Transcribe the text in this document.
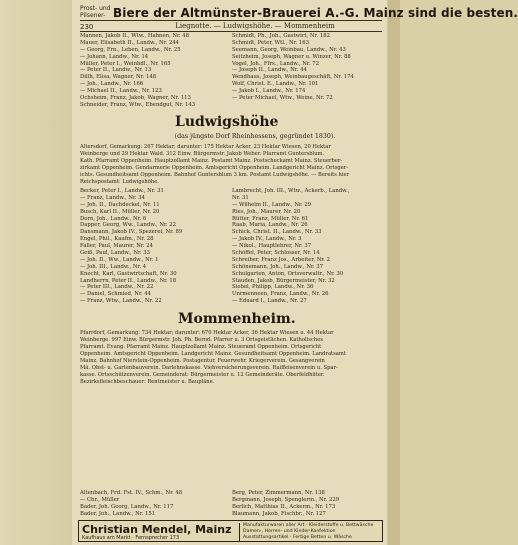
Prost- und
Pilsener- Biere der Altmünster-Brauerei A.-G. Mainz sind die besten.
230	Liegnotte. — Ludwigshöhe. — Mommenheim
Mannen, Jakob II., Wtw., Hahnen, Nr. 48
Mauer, Elisabeth II., Landw., Nr. 244
— Georg, Frn., Leben, Landw., Nr. 25
— Johann, Landw., Nr. 14
Müller, Peter I., Weinhdl., Nr. 165
— Peter II., Landw., Nr. 13
Dillh, Elisa, Wagner, Nr. 148
— Joh., Landw., Nr. 166
— Michael II., Landw., Nr. 123
Ochsheim, Franz, Jakob, Wagner, Nr. 113
Schneider, Franz, Wtw., Ebendgut, Nr. 143
Schmidt, Ph., Joh., Gastwirt, Nr. 182
Schmidt, Peter, Wtl., Nr. 163
Seemann, Georg, Weinbau, Landw., Nr. 43
Seitzheim, Joseph, Wagner u. Winzer, Nr. 88
Vogel, Joh., Ffrs., Landw., Nr. 72
— Joseph II., Landw., Nr. 44
Wendhaus, Joseph, Weinbaugeschäft, Nr. 174
Wolf, Christ. E., Landw., Nr. 101
— Jakob I., Landw., Nr. 174
— Peter Michael, Wtw., Weine, Nr. 72
Ludwigshöhe
(das jüngste Dorf Rheinhessens, gegründet 1830).
Altersdorf, Gemarkung: 267 Hektar; darunter: 175 Hektar Acker, 23 Hektar Wiesen, 20 Hektar
Weinberge und 29 Hektar Wald. 312 Einw. Bürgermstr. Jakob Weber. Pfarramt Guntersblum.
Kath. Pfarramt Oppenheim. Hauptzollamt Mainz. Postamt Mainz. Postscheckamt Mainz. Steuerber-
zirkamt Oppenheim. Gendarmerie Oppenheim. Amtsgericht Oppenheim. Landgericht Mainz. Ortsger-
ichts. Gesundheitsamt Oppenheim. Bahnhof Guntersblum 3 km. Postamt Ludwigshöhe. — Bereits hier
Reichspostamt: Ludwigshöhe.
Becker, Peter I., Landw., Nr. 31
— Franz, Landw., Nr. 34
— Joh. II., Dachdeckel, Nr. 11
Busch, Karl II., Müller, Nr. 20
Dorn, Joh., Landw., Nr. 6
Dapper, Georg, Ww., Landw., Nr. 22
Dansmann, Jakob IV., Spezerei, Nr. 89
Engel, Phil., Kaufm., Nr. 28
Faller, Paul, Maurer, Nr. 24
Geiß, Paul, Landw., Nr. 33
— Joh. II., Ww., Landw., Nr. 1
— Joh. III., Landw., Nr. 4
Knecht, Karl, Gastwirtschaft, Nr. 30
Landherrn, Peter II., Landw., Nr. 18
— Peter III., Landw., Nr. 22
— Daniel, Schmied, Nr. 44
— Franz, Wtw., Landw., Nr. 22
Lambrecht, Joh. III., Wtw., Ackerb., Landw.,
Nr. 31
— Wilhelm II., Landw., Nr. 29
Ries, Joh., Maurer, Nr. 20
Rütter, Franz, Müller, Nr. 61
Raab, Maria, Landw., Nr. 26
Schick, Christ. II., Landw., Nr. 33
— Jakob IV., Landw., Nr. 3
— Nikol., Hauptlehrer, Nr. 37
Schöffel, Peter, Schlosser, Nr. 14
Schreiber, Franz Jos., Arbeiter, Nr. 2
Schönemann, Joh., Landw., Nr. 37
Schulgarten, Anton, Ortsverwaltr., Nr. 30
Stauden, Jakob, Bürgermeister, Nr. 32
Siebel, Philipp, Landw., Nr. 36
Unrmenneen, Franz, Landw., Nr. 26
— Eduard I., Landw., Nr. 27
Mommenheim.
Pfarrdorf, Gemarkung: 734 Hektar; darunter: 670 Hektar Acker, 36 Hektar Wiesen u. 44 Hektar
Weinberge. 997 Einw. Bürgermstr. Joh. Ph. Bernd. Pfarrer u. 3 Ortsgeistlichen. Katholisches
Pfarramt. Evang. Pfarramt Mainz. Hauptzollamt Mainz. Steueramt Oppenheim. Ortsgericht
Oppenheim. Amtsgericht Oppenheim. Landgericht Mainz. Gesundheitsamt Oppenheim. Landratsamt
Mainz. Bahnhof Nierstein-Oppenheim. Postagentur. Feuerwehr. Kriegerverein. Gesangverein
Mä. Obst- u. Gartenbauverein. Darlehnskasse. Viehversicherungsverein. Raiffeisenverein u. Spar-
kasse. Ortsschützenverein. Gemeinderat: Bürgermeister u. 12 Gemeinderäte. Oberfeldhüter.
Bezirksfleischbeschauer: Rentmeister u. Baupläne.
Altenbach, Frd. Fst. IV., Schm., Nr. 48
— Chr., Müller
Bader, Joh. Georg, Landw., Nr. 117
Bader, Joh., Landw., Nr. 151
Berg, Peter, Zimmermann, Nr. 138
Bergmann, Joseph, Spenglerm., Nr. 229
Berlich, Matthias II., Ackerm., Nr. 173
Blaumann, Jakob, Fischbr., Nr. 127
Christian Mendel, Mainz
Kaufhaus am Markt · Fernsprecher 173
Manufakturwaren aller Art · Kleiderstoffe u. Bettwäsche
Damen-, Herren- und Kinder-Konfektion
Ausstattungsartikel · Fertige Betten u. Wäsche
